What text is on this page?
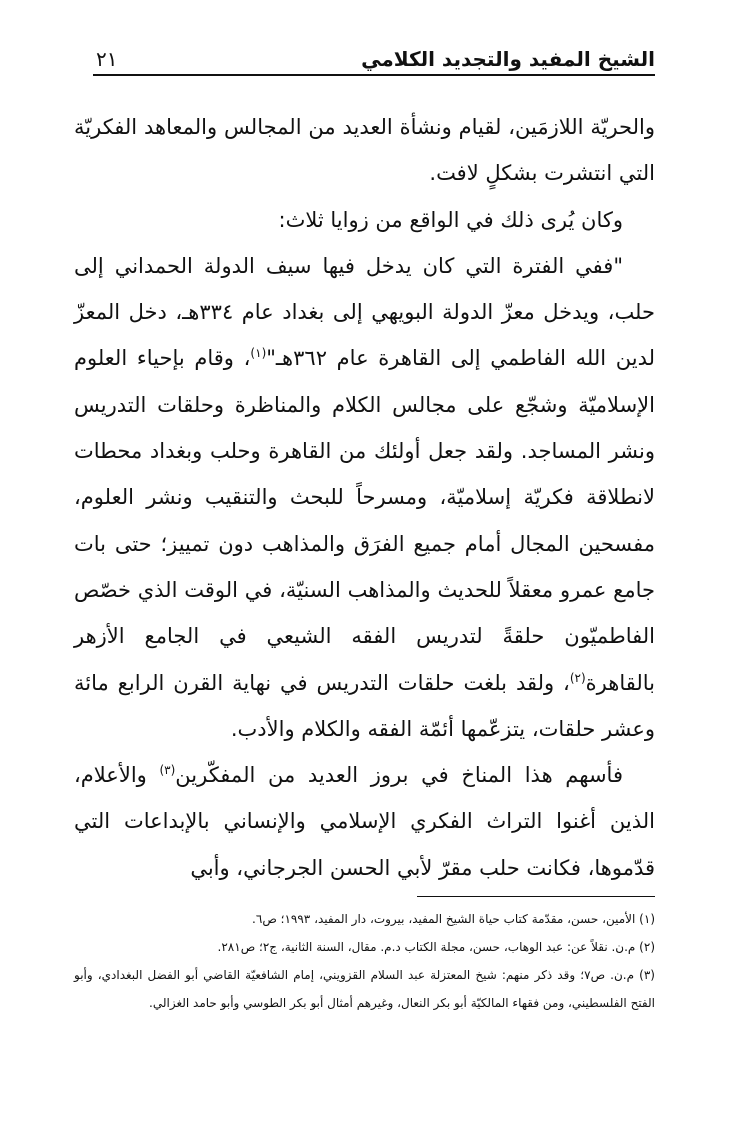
الشيخ المفيد والتجديد الكلامي
٢١

والحريّة اللازمَين، لقيام ونشأة العديد من المجالس والمعاهد الفكريّة التي انتشرت بشكلٍ لافت.

وكان يُرى ذلك في الواقع من زوايا ثلاث:

"ففي الفترة التي كان يدخل فيها سيف الدولة الحمداني إلى حلب، ويدخل معزّ الدولة البويهي إلى بغداد عام ٣٣٤هـ، دخل المعزّ لدين الله الفاطمي إلى القاهرة عام ٣٦٢هـ"$^{(١)}$، وقام بإحياء العلوم الإسلاميّة وشجّع على مجالس الكلام والمناظرة وحلقات التدريس ونشر المساجد. ولقد جعل أولئك من القاهرة وحلب وبغداد محطات لانطلاقة فكريّة إسلاميّة، ومسرحاً للبحث والتنقيب ونشر العلوم، مفسحين المجال أمام جميع الفرَق والمذاهب دون تمييز؛ حتى بات جامع عمرو معقلاً للحديث والمذاهب السنيّة، في الوقت الذي خصّص الفاطميّون حلقةً لتدريس الفقه الشيعي في الجامع الأزهر بالقاهرة$^{(٢)}$، ولقد بلغت حلقات التدريس في نهاية القرن الرابع مائة وعشر حلقات، يتزعّمها أئمّة الفقه والكلام والأدب.

فأسهم هذا المناخ في بروز العديد من المفكّرين$^{(٣)}$ والأعلام، الذين أغنوا التراث الفكري الإسلامي والإنساني بالإبداعات التي قدّموها، فكانت حلب مقرّ لأبي الحسن الجرجاني، وأبي

(١) الأمين، حسن، مقدّمة كتاب حياة الشيخ المفيد، بيروت، دار المفيد، ١٩٩٣؛ ص٦.

(٢) م.ن. نقلاً عن: عبد الوهاب، حسن، مجلة الكتاب د.م. مقال، السنة الثانية، ج٢؛ ص٢٨١.

(٣) م.ن. ص٧؛ وقد ذكر منهم: شيخ المعتزلة عبد السلام القزويني، إمام الشافعيّة القاضي أبو الفضل البغدادي، وأبو الفتح الفلسطيني، ومن فقهاء المالكيّة أبو بكر النعال، وغيرهم أمثال أبو بكر الطوسي وأبو حامد الغزالي.
